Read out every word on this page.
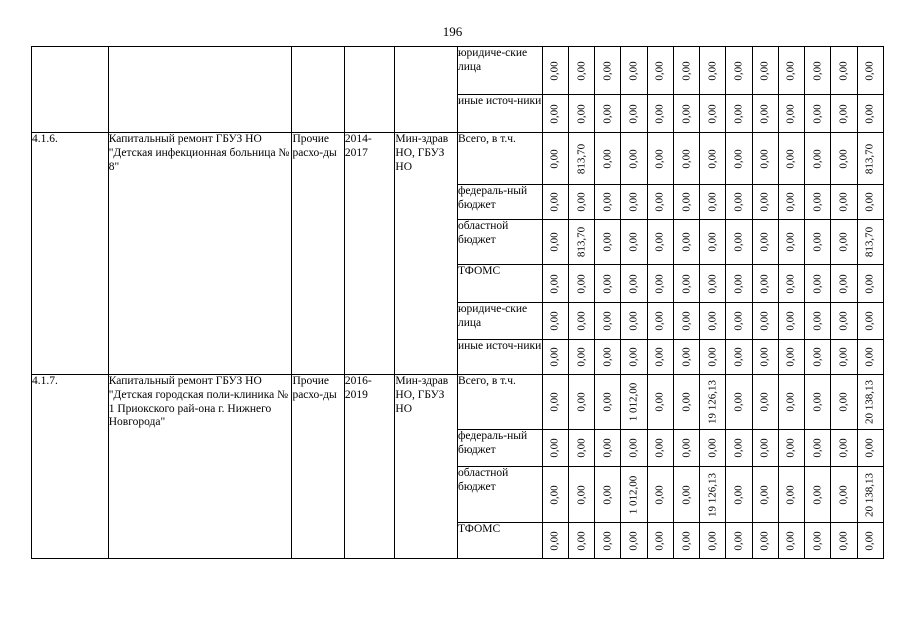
196
					юридиче-ские лица	0,00	0,00	0,00	0,00	0,00	0,00	0,00	0,00	0,00	0,00	0,00	0,00	0,00

					иные источ-ники	0,00	0,00	0,00	0,00	0,00	0,00	0,00	0,00	0,00	0,00	0,00	0,00	0,00

4.1.6.	Капитальный ремонт ГБУЗ НО "Детская инфекционная больница № 8"	Прочие расхо-ды	2014-2017	Мин-здрав НО, ГБУЗ НО	Всего, в т.ч.	0,00	813,70	0,00	0,00	0,00	0,00	0,00	0,00	0,00	0,00	0,00	0,00	813,70

					федераль-ный бюджет	0,00	0,00	0,00	0,00	0,00	0,00	0,00	0,00	0,00	0,00	0,00	0,00	0,00

					областной бюджет	0,00	813,70	0,00	0,00	0,00	0,00	0,00	0,00	0,00	0,00	0,00	0,00	813,70

					ТФОМС	0,00	0,00	0,00	0,00	0,00	0,00	0,00	0,00	0,00	0,00	0,00	0,00	0,00

					юридиче-ские лица	0,00	0,00	0,00	0,00	0,00	0,00	0,00	0,00	0,00	0,00	0,00	0,00	0,00

					иные источ-ники	0,00	0,00	0,00	0,00	0,00	0,00	0,00	0,00	0,00	0,00	0,00	0,00	0,00

4.1.7.	Капитальный ремонт ГБУЗ НО "Детская городская поли-клиника № 1 Приокского рай-она г. Нижнего Новгорода"	Прочие расхо-ды	2016-2019	Мин-здрав НО, ГБУЗ НО	Всего, в т.ч.	0,00	0,00	0,00	1 012,00	0,00	0,00	19 126,13	0,00	0,00	0,00	0,00	0,00	20 138,13

					федераль-ный бюджет	0,00	0,00	0,00	0,00	0,00	0,00	0,00	0,00	0,00	0,00	0,00	0,00	0,00

					областной бюджет	0,00	0,00	0,00	1 012,00	0,00	0,00	19 126,13	0,00	0,00	0,00	0,00	0,00	20 138,13

					ТФОМС	0,00	0,00	0,00	0,00	0,00	0,00	0,00	0,00	0,00	0,00	0,00	0,00	0,00
